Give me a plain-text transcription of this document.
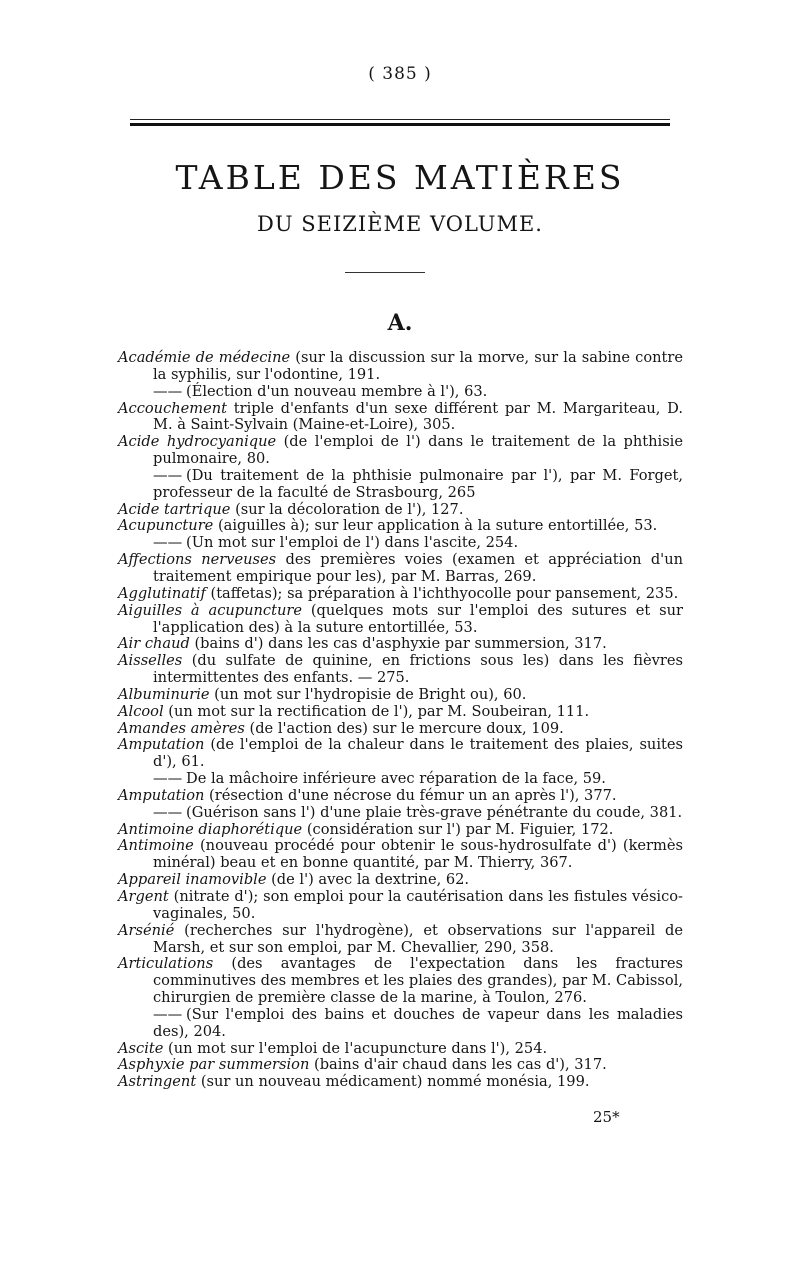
( 385 )
TABLE DES MATIÈRES
DU SEIZIÈME VOLUME.
A.
Académie de médecine (sur la discussion sur la morve, sur la sabine contre la syphilis, sur l'odontine, 191.
—— (Élection d'un nouveau membre à l'), 63.
Accouchement triple d'enfants d'un sexe différent par M. Margariteau, D. M. à Saint-Sylvain (Maine-et-Loire), 305.
Acide hydrocyanique (de l'emploi de l') dans le traitement de la phthisie pulmonaire, 80.
—— (Du traitement de la phthisie pulmonaire par l'), par M. Forget, professeur de la faculté de Strasbourg, 265
Acide tartrique (sur la décoloration de l'), 127.
Acupuncture (aiguilles à); sur leur application à la suture entortillée, 53.
—— (Un mot sur l'emploi de l') dans l'ascite, 254.
Affections nerveuses des premières voies (examen et appréciation d'un traitement empirique pour les), par M. Barras, 269.
Agglutinatif (taffetas); sa préparation à l'ichthyocolle pour pansement, 235.
Aiguilles à acupuncture (quelques mots sur l'emploi des sutures et sur l'application des) à la suture entortillée, 53.
Air chaud (bains d') dans les cas d'asphyxie par summersion, 317.
Aisselles (du sulfate de quinine, en frictions sous les) dans les fièvres intermittentes des enfants. — 275.
Albuminurie (un mot sur l'hydropisie de Bright ou), 60.
Alcool (un mot sur la rectification de l'), par M. Soubeiran, 111.
Amandes amères (de l'action des) sur le mercure doux, 109.
Amputation (de l'emploi de la chaleur dans le traitement des plaies, suites d'), 61.
—— De la mâchoire inférieure avec réparation de la face, 59.
Amputation (résection d'une nécrose du fémur un an après l'), 377.
—— (Guérison sans l') d'une plaie très-grave pénétrante du coude, 381.
Antimoine diaphorétique (considération sur l') par M. Figuier, 172.
Antimoine (nouveau procédé pour obtenir le sous-hydrosulfate d') (kermès minéral) beau et en bonne quantité, par M. Thierry, 367.
Appareil inamovible (de l') avec la dextrine, 62.
Argent (nitrate d'); son emploi pour la cautérisation dans les fistules vésico-vaginales, 50.
Arsénié (recherches sur l'hydrogène), et observations sur l'appareil de Marsh, et sur son emploi, par M. Chevallier, 290, 358.
Articulations (des avantages de l'expectation dans les fractures comminutives des membres et les plaies des grandes), par M. Cabissol, chirurgien de première classe de la marine, à Toulon, 276.
—— (Sur l'emploi des bains et douches de vapeur dans les maladies des), 204.
Ascite (un mot sur l'emploi de l'acupuncture dans l'), 254.
Asphyxie par summersion (bains d'air chaud dans les cas d'), 317.
Astringent (sur un nouveau médicament) nommé monésia, 199.
25*
